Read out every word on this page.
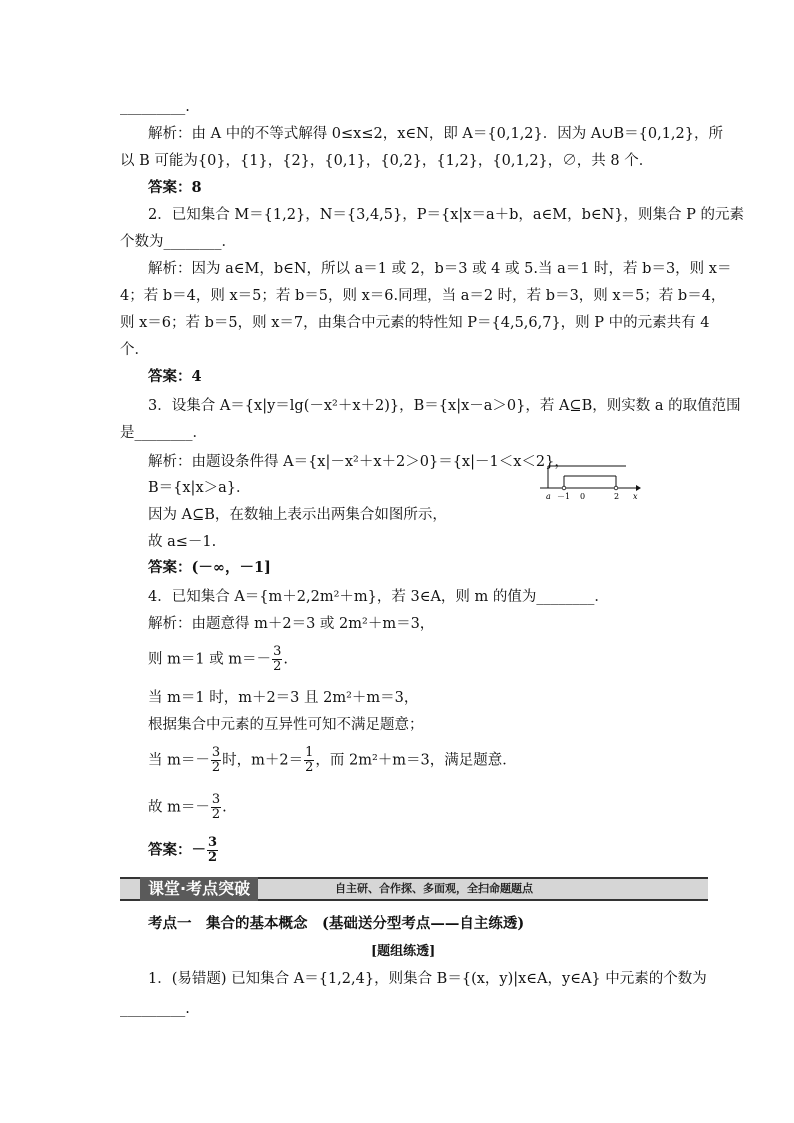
_________.
解析：由 A 中的不等式解得 0≤x≤2，x∈N，即 A＝{0,1,2}．因为 A∪B＝{0,1,2}，所
以 B 可能为{0}，{1}，{2}，{0,1}，{0,2}，{1,2}，{0,1,2}，∅，共 8 个．
答案：8
2．已知集合 M＝{1,2}，N＝{3,4,5}，P＝{x|x＝a＋b，a∈M，b∈N}，则集合 P 的元素
个数为________．
解析：因为 a∈M，b∈N，所以 a＝1 或 2，b＝3 或 4 或 5.当 a＝1 时，若 b＝3，则 x＝
4；若 b＝4，则 x＝5；若 b＝5，则 x＝6.同理，当 a＝2 时，若 b＝3，则 x＝5；若 b＝4，
则 x＝6；若 b＝5，则 x＝7，由集合中元素的特性知 P＝{4,5,6,7}，则 P 中的元素共有 4
个．
答案：4
3．设集合 A＝{x|y＝lg(－x²＋x＋2)}，B＝{x|x－a＞0}，若 A⊆B，则实数 a 的取值范围
是________．
解析：由题设条件得 A＝{x|－x²＋x＋2＞0}＝{x|－1＜x＜2}，
B＝{x|x＞a}．
a －1 0	2 x
因为 A⊆B，在数轴上表示出两集合如图所示，
故 a≤－1.
答案：(－∞，－1]
4．已知集合 A＝{m＋2,2m²＋m}，若 3∈A，则 m 的值为________．
解析：由题意得 m＋2＝3 或 2m²＋m＝3，
则 m＝1 或 $m=- \frac{3}{2}$ .
当 m＝1 时，m＋2＝3 且 2m²＋m＝3，
根据集合中元素的互异性可知不满足题意；
当 $m=- \frac{3}{2}$ 时，$m+2= \frac{1}{2}$ ，而 2m²＋m＝3，满足题意．
故 $m=- \frac{3}{2}$ .
答案：－ $\frac{3}{2}$
课堂·考点突破	自主研、合作探、多面观，全扫命题题点
考点一　集合的基本概念　(基础送分型考点——自主练透)
[题组练透]
1．(易错题) 已知集合 A＝{1,2,4}，则集合 B＝{(x，y)|x∈A，y∈A} 中元素的个数为
_________.
